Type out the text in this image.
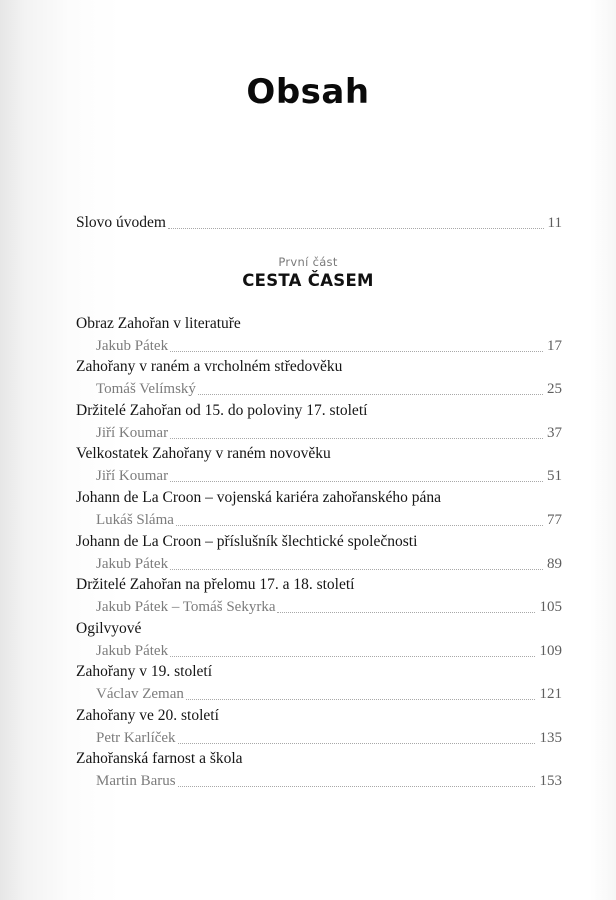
Obsah
Slovo úvodem	11
První část
CESTA ČASEM
Obraz Zahořan v literatuře
Jakub Pátek	17
Zahořany v raném a vrcholném středověku
Tomáš Velímský	25
Držitelé Zahořan od 15. do poloviny 17. století
Jiří Koumar	37
Velkostatek Zahořany v raném novověku
Jiří Koumar	51
Johann de La Croon – vojenská kariéra zahořanského pána
Lukáš Sláma	77
Johann de La Croon – příslušník šlechtické společnosti
Jakub Pátek	89
Držitelé Zahořan na přelomu 17. a 18. století
Jakub Pátek – Tomáš Sekyrka	105
Ogilvyové
Jakub Pátek	109
Zahořany v 19. století
Václav Zeman	121
Zahořany ve 20. století
Petr Karlíček	135
Zahořanská farnost a škola
Martin Barus	153
